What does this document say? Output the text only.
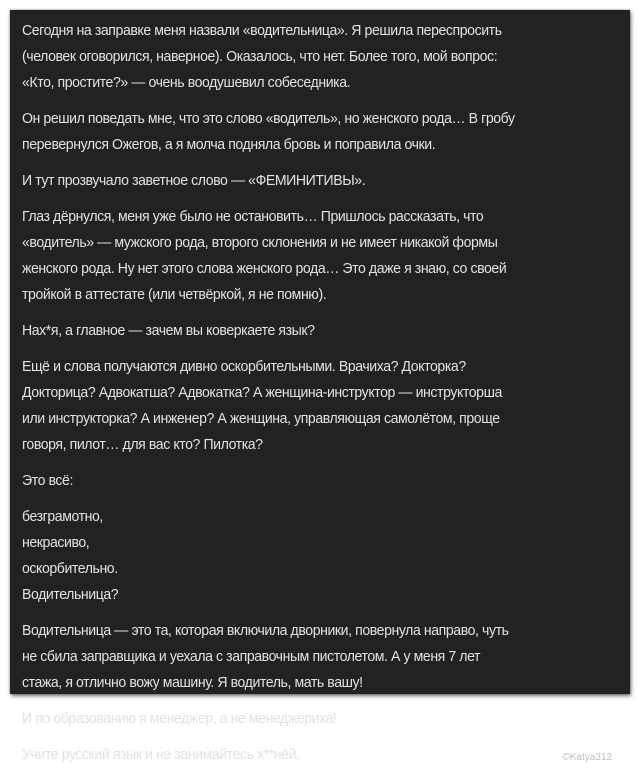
Сегодня на заправке меня назвали «водительница». Я решила переспросить
(человек оговорился, наверное). Оказалось, что нет. Более того, мой вопрос:
«Кто, простите?» — очень воодушевил собеседника.
Он решил поведать мне, что это слово «водитель», но женского рода… В гробу
перевернулся Ожегов, а я молча подняла бровь и поправила очки.
И тут прозвучало заветное слово — «ФЕМИНИТИВЫ».
Глаз дёрнулся, меня уже было не остановить… Пришлось рассказать, что
«водитель» — мужского рода, второго склонения и не имеет никакой формы
женского рода. Ну нет этого слова женского рода… Это даже я знаю, со своей
тройкой в аттестате (или четвёркой, я не помню).
Нах*я, а главное — зачем вы коверкаете язык?
Ещё и слова получаются дивно оскорбительными. Врачиха? Докторка?
Докторица? Адвокатша? Адвокатка? А женщина-инструктор — инструкторша
или инструкторка? А инженер? А женщина, управляющая самолётом, проще
говоря, пилот… для вас кто? Пилотка?
Это всё:
безграмотно,
некрасиво,
оскорбительно.
Водительница?
Водительница — это та, которая включила дворники, повернула направо, чуть
не сбила заправщика и уехала с заправочным пистолетом. А у меня 7 лет
стажа, я отлично вожу машину. Я водитель, мать вашу!
И по образованию я менеджер, а не менеджериха!
Учите русский язык и не занимайтесь х**нёй.	©Katya312
